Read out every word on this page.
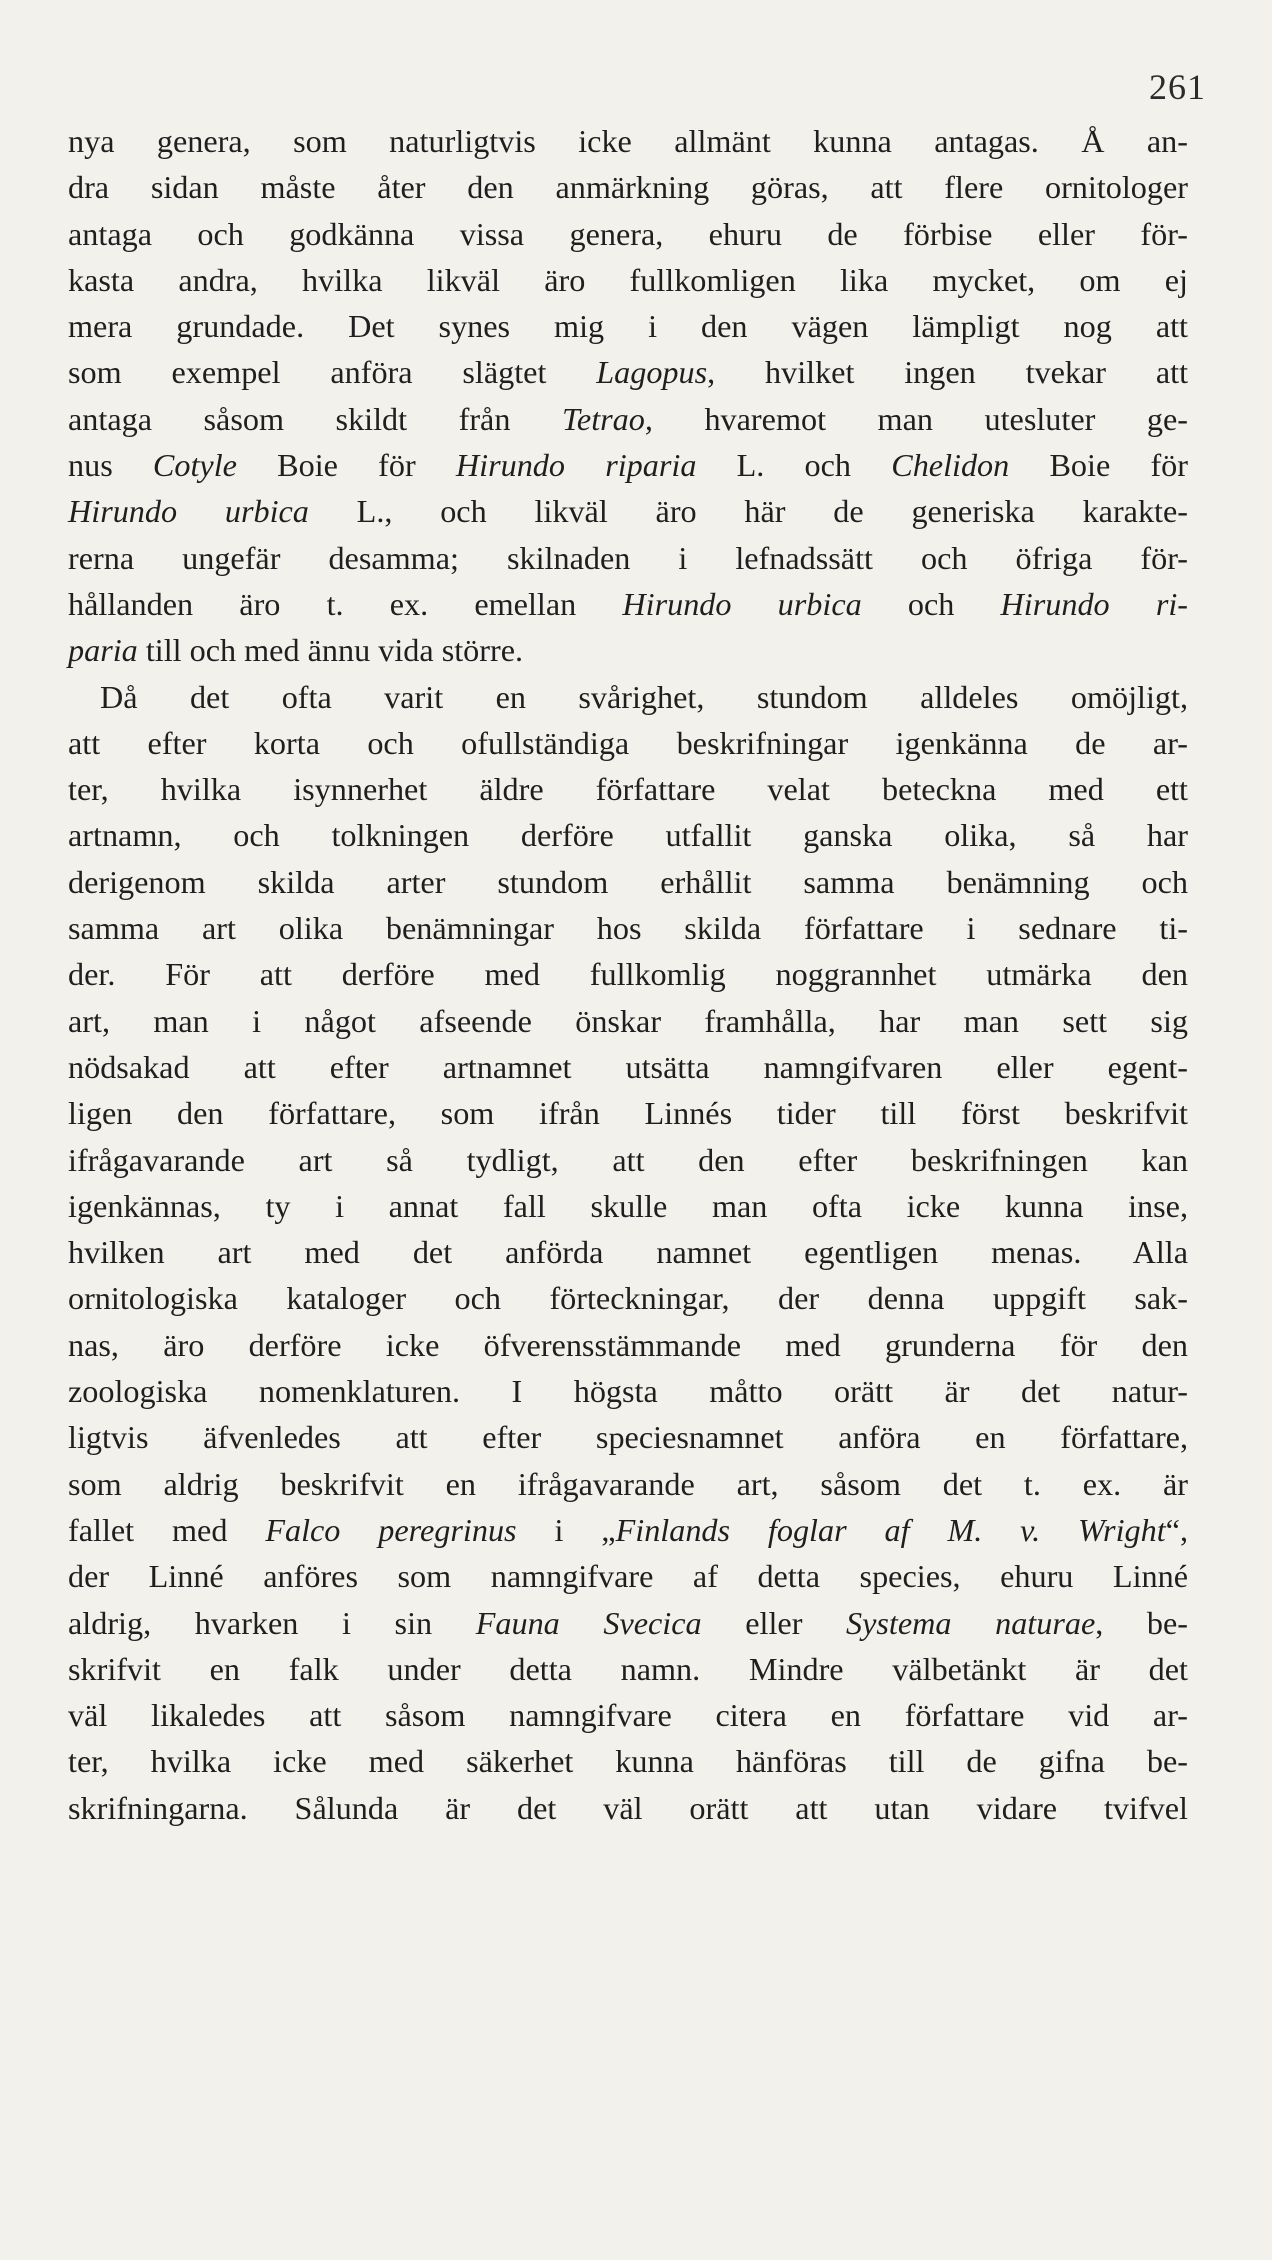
261
nya genera, som naturligtvis icke allmänt kunna antagas. Å an-
dra sidan måste åter den anmärkning göras, att flere ornitologer
antaga och godkänna vissa genera, ehuru de förbise eller för-
kasta andra, hvilka likväl äro fullkomligen lika mycket, om ej
mera grundade. Det synes mig i den vägen lämpligt nog att
som exempel anföra slägtet Lagopus, hvilket ingen tvekar att
antaga såsom skildt från Tetrao, hvaremot man utesluter ge-
nus Cotyle Boie för Hirundo riparia L. och Chelidon Boie för
Hirundo urbica L., och likväl äro här de generiska karakte-
rerna ungefär desamma; skilnaden i lefnadssätt och öfriga för-
hållanden äro t. ex. emellan Hirundo urbica och Hirundo ri-
paria till och med ännu vida större.
Då det ofta varit en svårighet, stundom alldeles omöjligt,
att efter korta och ofullständiga beskrifningar igenkänna de ar-
ter, hvilka isynnerhet äldre författare velat beteckna med ett
artnamn, och tolkningen derföre utfallit ganska olika, så har
derigenom skilda arter stundom erhållit samma benämning och
samma art olika benämningar hos skilda författare i sednare ti-
der. För att derföre med fullkomlig noggrannhet utmärka den
art, man i något afseende önskar framhålla, har man sett sig
nödsakad att efter artnamnet utsätta namngifvaren eller egent-
ligen den författare, som ifrån Linnés tider till först beskrifvit
ifrågavarande art så tydligt, att den efter beskrifningen kan
igenkännas, ty i annat fall skulle man ofta icke kunna inse,
hvilken art med det anförda namnet egentligen menas. Alla
ornitologiska kataloger och förteckningar, der denna uppgift sak-
nas, äro derföre icke öfverensstämmande med grunderna för den
zoologiska nomenklaturen. I högsta måtto orätt är det natur-
ligtvis äfvenledes att efter speciesnamnet anföra en författare,
som aldrig beskrifvit en ifrågavarande art, såsom det t. ex. är
fallet med Falco peregrinus i „Finlands foglar af M. v. Wright“,
der Linné anföres som namngifvare af detta species, ehuru Linné
aldrig, hvarken i sin Fauna Svecica eller Systema naturae, be-
skrifvit en falk under detta namn. Mindre välbetänkt är det
väl likaledes att såsom namngifvare citera en författare vid ar-
ter, hvilka icke med säkerhet kunna hänföras till de gifna be-
skrifningarna. Sålunda är det väl orätt att utan vidare tvifvel
